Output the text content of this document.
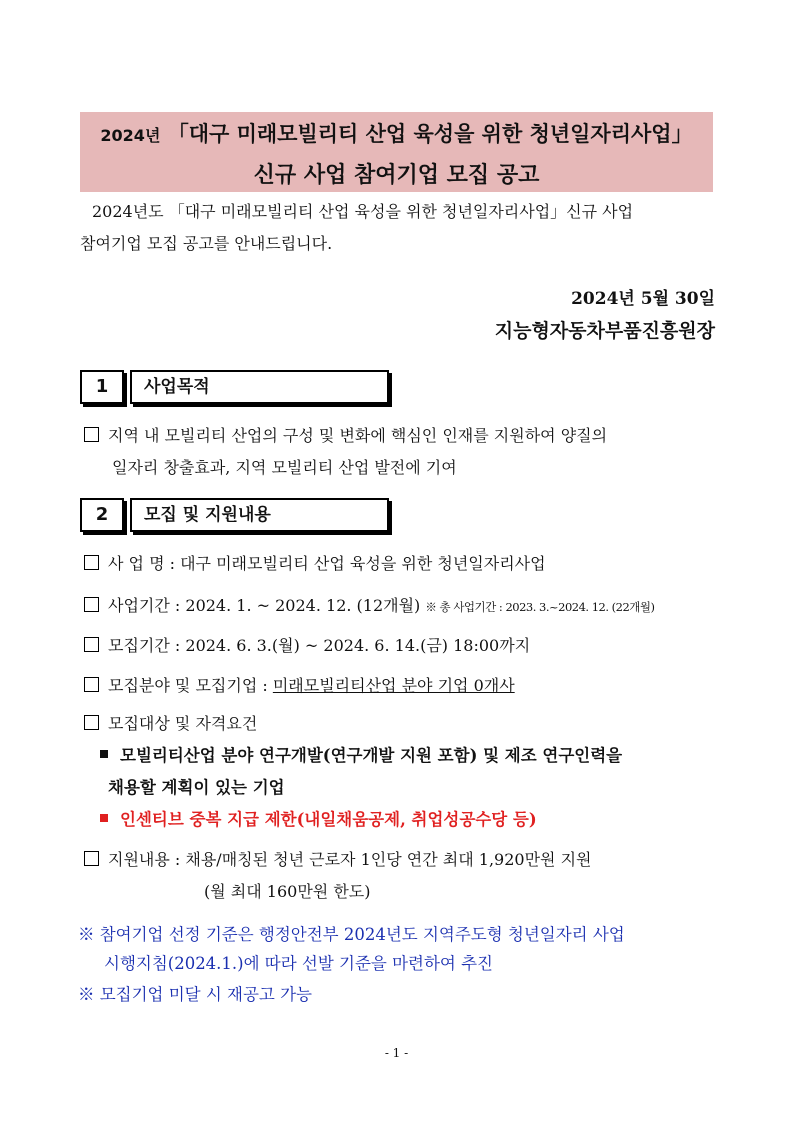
2024년 「대구 미래모빌리티 산업 육성을 위한 청년일자리사업」
신규 사업 참여기업 모집 공고
2024년도 「대구 미래모빌리티 산업 육성을 위한 청년일자리사업」신규 사업
참여기업 모집 공고를 안내드립니다.
2024년 5월 30일
지능형자동차부품진흥원장
1	사업목적
지역 내 모빌리티 산업의 구성 및 변화에 핵심인 인재를 지원하여 양질의
일자리 창출효과, 지역 모빌리티 산업 발전에 기여
2	모집 및 지원내용
사 업 명 : 대구 미래모빌리티 산업 육성을 위한 청년일자리사업
사업기간 : 2024. 1. ~ 2024. 12. (12개월) ※ 총 사업기간 : 2023. 3.~2024. 12. (22개월)
모집기간 : 2024. 6. 3.(월) ~ 2024. 6. 14.(금) 18:00까지
모집분야 및 모집기업 : 미래모빌리티산업 분야 기업 0개사
모집대상 및 자격요건
모빌리티산업 분야 연구개발(연구개발 지원 포함) 및 제조 연구인력을
채용할 계획이 있는 기업
인센티브 중복 지급 제한(내일채움공제, 취업성공수당 등)
지원내용 : 채용/매칭된 청년 근로자 1인당 연간 최대 1,920만원 지원
(월 최대 160만원 한도)
※ 참여기업 선정 기준은 행정안전부 2024년도 지역주도형 청년일자리 사업
시행지침(2024.1.)에 따라 선발 기준을 마련하여 추진
※ 모집기업 미달 시 재공고 가능
- 1 -
